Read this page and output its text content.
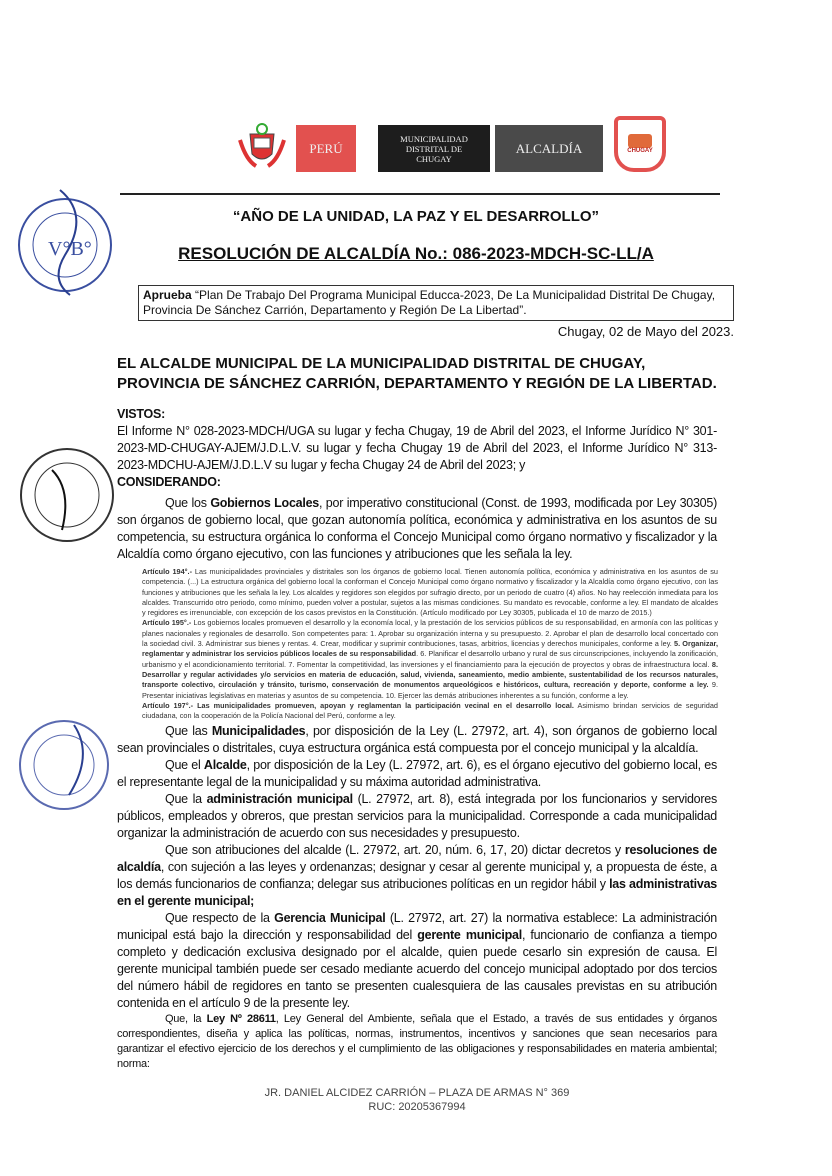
PERÚ
MUNICIPALIDAD DISTRITAL DE CHUGAY
ALCALDÍA	CHUGAY
“AÑO DE LA UNIDAD, LA PAZ Y EL DESARROLLO”
RESOLUCIÓN DE ALCALDÍA No.: 086-2023-MDCH-SC-LL/A
V°B°
Aprueba “Plan De Trabajo Del Programa Municipal Educca-2023, De La Municipalidad Distrital De Chugay, Provincia De Sánchez Carrión, Departamento y Región De La Libertad”.
Chugay, 02 de Mayo del 2023.
EL ALCALDE MUNICIPAL DE LA MUNICIPALIDAD DISTRITAL DE CHUGAY, PROVINCIA DE SÁNCHEZ CARRIÓN, DEPARTAMENTO Y REGIÓN DE LA LIBERTAD.

VISTOS:

El Informe N° 028-2023-MDCH/UGA su lugar y fecha Chugay, 19 de Abril del 2023, el Informe Jurídico N° 301-2023-MD-CHUGAY-AJEM/J.D.L.V. su lugar y fecha Chugay 19 de Abril del 2023, el Informe Jurídico N° 313-2023-MDCHU-AJEM/J.D.L.V su lugar y fecha Chugay 24 de Abril del 2023; y

CONSIDERANDO:

Que los Gobiernos Locales, por imperativo constitucional (Const. de 1993, modificada por Ley 30305) son órganos de gobierno local, que gozan autonomía política, económica y administrativa en los asuntos de su competencia, su estructura orgánica lo conforma el Concejo Municipal como órgano normativo y fiscalizador y la Alcaldía como órgano ejecutivo, con las funciones y atribuciones que les señala la ley.

Artículo 194°.- Las municipalidades provinciales y distritales son los órganos de gobierno local. Tienen autonomía política, económica y administrativa en los asuntos de su competencia. (...) La estructura orgánica del gobierno local la conforman el Concejo Municipal como órgano normativo y fiscalizador y la Alcaldía como órgano ejecutivo, con las funciones y atribuciones que les señala la ley. Los alcaldes y regidores son elegidos por sufragio directo, por un periodo de cuatro (4) años. No hay reelección inmediata para los alcaldes. Transcurrido otro periodo, como mínimo, pueden volver a postular, sujetos a las mismas condiciones. Su mandato es revocable, conforme a ley. El mandato de alcaldes y regidores es irrenunciable, con excepción de los casos previstos en la Constitución. (Artículo modificado por Ley 30305, publicada el 10 de marzo de 2015.)

Artículo 195°.- Los gobiernos locales promueven el desarrollo y la economía local, y la prestación de los servicios públicos de su responsabilidad, en armonía con las políticas y planes nacionales y regionales de desarrollo. Son competentes para: 1. Aprobar su organización interna y su presupuesto. 2. Aprobar el plan de desarrollo local concertado con la sociedad civil. 3. Administrar sus bienes y rentas. 4. Crear, modificar y suprimir contribuciones, tasas, arbitrios, licencias y derechos municipales, conforme a ley. 5. Organizar, reglamentar y administrar los servicios públicos locales de su responsabilidad. 6. Planificar el desarrollo urbano y rural de sus circunscripciones, incluyendo la zonificación, urbanismo y el acondicionamiento territorial. 7. Fomentar la competitividad, las inversiones y el financiamiento para la ejecución de proyectos y obras de infraestructura local. 8. Desarrollar y regular actividades y/o servicios en materia de educación, salud, vivienda, saneamiento, medio ambiente, sustentabilidad de los recursos naturales, transporte colectivo, circulación y tránsito, turismo, conservación de monumentos arqueológicos e históricos, cultura, recreación y deporte, conforme a ley. 9. Presentar iniciativas legislativas en materias y asuntos de su competencia. 10. Ejercer las demás atribuciones inherentes a su función, conforme a ley.

Artículo 197°.- Las municipalidades promueven, apoyan y reglamentan la participación vecinal en el desarrollo local. Asimismo brindan servicios de seguridad ciudadana, con la cooperación de la Policía Nacional del Perú, conforme a ley.

Que las Municipalidades, por disposición de la Ley (L. 27972, art. 4), son órganos de gobierno local sean provinciales o distritales, cuya estructura orgánica está compuesta por el concejo municipal y la alcaldía.

Que el Alcalde, por disposición de la Ley (L. 27972, art. 6), es el órgano ejecutivo del gobierno local, es el representante legal de la municipalidad y su máxima autoridad administrativa.

Que la administración municipal (L. 27972, art. 8), está integrada por los funcionarios y servidores públicos, empleados y obreros, que prestan servicios para la municipalidad. Corresponde a cada municipalidad organizar la administración de acuerdo con sus necesidades y presupuesto.

Que son atribuciones del alcalde (L. 27972, art. 20, núm. 6, 17, 20) dictar decretos y resoluciones de alcaldía, con sujeción a las leyes y ordenanzas; designar y cesar al gerente municipal y, a propuesta de éste, a los demás funcionarios de confianza; delegar sus atribuciones políticas en un regidor hábil y las administrativas en el gerente municipal;

Que respecto de la Gerencia Municipal (L. 27972, art. 27) la normativa establece: La administración municipal está bajo la dirección y responsabilidad del gerente municipal, funcionario de confianza a tiempo completo y dedicación exclusiva designado por el alcalde, quien puede cesarlo sin expresión de causa. El gerente municipal también puede ser cesado mediante acuerdo del concejo municipal adoptado por dos tercios del número hábil de regidores en tanto se presenten cualesquiera de las causales previstas en su atribución contenida en el artículo 9 de la presente ley.

Que, la Ley Nº 28611, Ley General del Ambiente, señala que el Estado, a través de sus entidades y órganos correspondientes, diseña y aplica las políticas, normas, instrumentos, incentivos y sanciones que sean necesarios para garantizar el efectivo ejercicio de los derechos y el cumplimiento de las obligaciones y responsabilidades en materia ambiental; norma:

JR. DANIEL ALCIDEZ CARRIÓN – PLAZA DE ARMAS N° 369
RUC: 20205367994
